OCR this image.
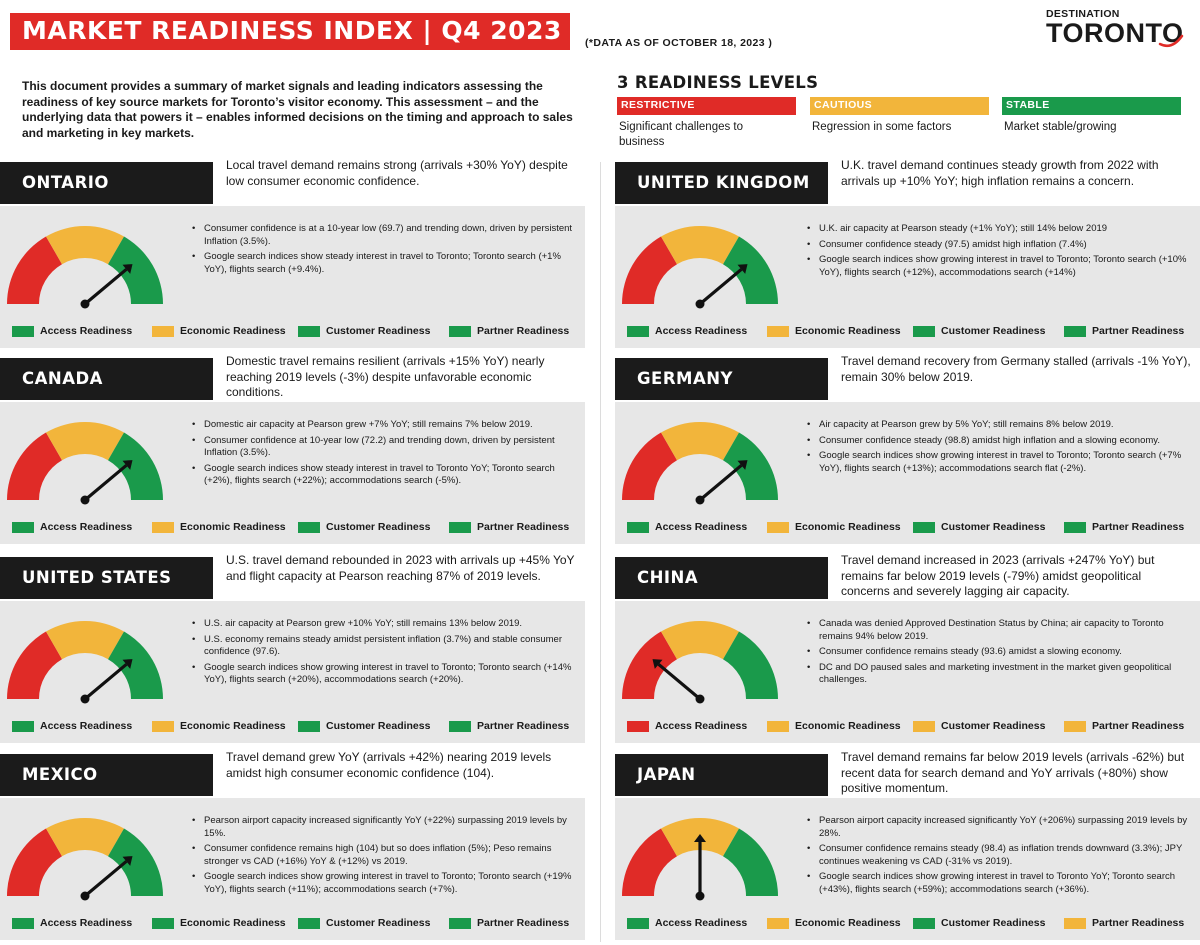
MARKET READINESS INDEX | Q4 2023 (*DATA AS OF OCTOBER 18, 2023 )
DESTINATION
TORONTO

This document provides a summary of market signals and leading indicators assessing the readiness of key source markets for Toronto’s visitor economy. This assessment – and the underlying data that powers it – enables informed decisions on the timing and approach to sales and marketing in key markets.

3 READINESS LEVELS
RESTRICTIVE
Significant challenges to business
CAUTIOUS
Regression in some factors
STABLE
Market stable/growing
ONTARIO

Local travel demand remains strong (arrivals +30% YoY) despite low consumer economic confidence.

• Consumer confidence is at a 10-year low (69.7) and trending down, driven by persistent Inflation (3.5%).
• Google search indices show steady interest in travel to Toronto; Toronto search (+1% YoY), flights search (+9.4%).
Access Readiness	Economic Readiness	Customer Readiness	Partner Readiness
CANADA

Domestic travel remains resilient (arrivals +15% YoY) nearly reaching 2019 levels (-3%) despite unfavorable economic conditions.

• Domestic air capacity at Pearson grew +7% YoY; still remains 7% below 2019.
• Consumer confidence at 10-year low (72.2) and trending down, driven by persistent Inflation (3.5%).
• Google search indices show steady interest in travel to Toronto YoY; Toronto search (+2%), flights search (+22%); accommodations search (-5%).
Access Readiness	Economic Readiness	Customer Readiness	Partner Readiness
UNITED STATES

U.S. travel demand rebounded in 2023 with arrivals up +45% YoY and flight capacity at Pearson reaching 87% of 2019 levels.

• U.S. air capacity at Pearson grew +10% YoY; still remains 13% below 2019.
• U.S. economy remains steady amidst persistent inflation (3.7%) and stable consumer confidence (97.6).
• Google search indices show growing interest in travel to Toronto; Toronto search (+14% YoY), flights search (+20%), accommodations search (+20%).
Access Readiness	Economic Readiness	Customer Readiness	Partner Readiness
MEXICO

Travel demand grew YoY (arrivals +42%) nearing 2019 levels amidst high consumer economic confidence (104).

• Pearson airport capacity increased significantly YoY (+22%) surpassing 2019 levels by 15%.
• Consumer confidence remains high (104) but so does inflation (5%); Peso remains stronger vs CAD (+16%) YoY & (+12%) vs 2019.
• Google search indices show growing interest in travel to Toronto; Toronto search (+19% YoY), flights search (+11%); accommodations search (+7%).
Access Readiness	Economic Readiness	Customer Readiness	Partner Readiness
UNITED KINGDOM

U.K. travel demand continues steady growth from 2022 with arrivals up +10% YoY; high inflation remains a concern.

• U.K. air capacity at Pearson steady (+1% YoY); still 14% below 2019
• Consumer confidence steady (97.5) amidst high inflation (7.4%)
• Google search indices show growing interest in travel to Toronto; Toronto search (+10% YoY), flights search (+12%), accommodations search (+14%)
Access Readiness	Economic Readiness	Customer Readiness	Partner Readiness
GERMANY

Travel demand recovery from Germany stalled (arrivals -1% YoY), remain 30% below 2019.

• Air capacity at Pearson grew by 5% YoY; still remains 8% below 2019.
• Consumer confidence steady (98.8) amidst high inflation and a slowing economy.
• Google search indices show growing interest in travel to Toronto; Toronto search (+7% YoY), flights search (+13%); accommodations search flat (-2%).
Access Readiness	Economic Readiness	Customer Readiness	Partner Readiness
CHINA

Travel demand increased in 2023 (arrivals +247% YoY) but remains far below 2019 levels (-79%) amidst geopolitical concerns and severely lagging air capacity.

• Canada was denied Approved Destination Status by China; air capacity to Toronto remains 94% below 2019.
• Consumer confidence remains steady (93.6) amidst a slowing economy.
• DC and DO paused sales and marketing investment in the market given geopolitical challenges.
Access Readiness	Economic Readiness	Customer Readiness	Partner Readiness
JAPAN

Travel demand remains far below 2019 levels (arrivals -62%) but recent data for search demand and YoY arrivals (+80%) show positive momentum.

• Pearson airport capacity increased significantly YoY (+206%) surpassing 2019 levels by 28%.
• Consumer confidence remains steady (98.4) as inflation trends downward (3.3%); JPY continues weakening vs CAD (-31% vs 2019).
• Google search indices show growing interest in travel to Toronto YoY; Toronto search (+43%), flights search (+59%); accommodations search (+36%).
Access Readiness	Economic Readiness	Customer Readiness	Partner Readiness
